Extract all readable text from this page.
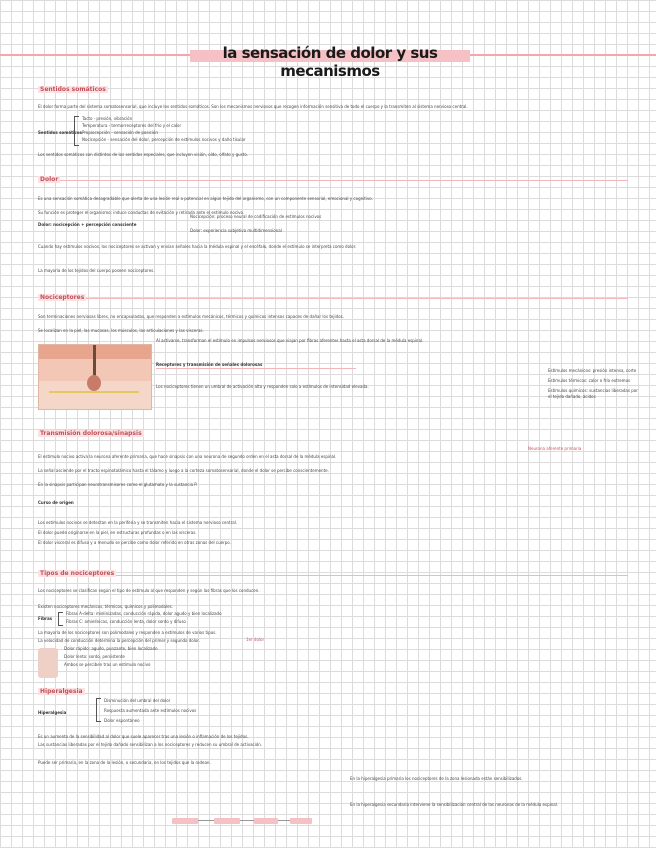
la sensación de dolor y sus mecanismos
Sentidos somáticos
El dolor forma parte del sistema somatosensorial, que incluye los sentidos somáticos. Son los mecanismos nerviosos que recogen información sensitiva de todo el cuerpo y la transmiten al sistema nervioso central.
Sentidos somáticos
Tacto - presión, vibración
Temperatura - termorreceptores del frío y el calor
Propiocepción - sensación de posición
Nocicepción - sensación del dolor, percepción de estímulos nocivos y daño tisular
Los sentidos somáticos son distintos de los sentidos especiales, que incluyen visión, oído, olfato y gusto.
Dolor
Es una sensación somática desagradable que alerta de una lesión real o potencial en algún tejido del organismo, con un componente sensorial, emocional y cognitivo.
Su función es proteger el organismo: induce conductas de evitación y retirada ante el estímulo nocivo.
Dolor: nocicepción + percepción consciente
Nocicepción: proceso neural de codificación de estímulos nocivos
Dolor: experiencia subjetiva multidimensional
Cuando hay estímulos nocivos, los nociceptores se activan y envían señales hacia la médula espinal y el encéfalo, donde el estímulo se interpreta como dolor.
La mayoría de los tejidos del cuerpo poseen nociceptores.
Nociceptores
Son terminaciones nerviosas libres, no encapsuladas, que responden a estímulos mecánicos, térmicos y químicos intensos capaces de dañar los tejidos.
Se localizan en la piel, las mucosas, los músculos, las articulaciones y las vísceras.
Al activarse, transforman el estímulo en impulsos nerviosos que viajan por fibras aferentes hasta el asta dorsal de la médula espinal.
Receptores y transmisión de señales dolorosas
Los nociceptores tienen un umbral de activación alto y responden solo a estímulos de intensidad elevada.
Estímulos mecánicos: presión intensa, corte
Estímulos térmicos: calor o frío extremos
Estímulos químicos: sustancias liberadas por el tejido dañado, ácidos
Transmisión dolorosa/sinapsis
Neurona aferente primaria
El estímulo nocivo activa la neurona aferente primaria, que hace sinapsis con una neurona de segundo orden en el asta dorsal de la médula espinal.
La señal asciende por el tracto espinotalámico hasta el tálamo y luego a la corteza somatosensorial, donde el dolor se percibe conscientemente.
En la sinapsis participan neurotransmisores como el glutamato y la sustancia P.
Curso de origen
Los estímulos nocivos se detectan en la periferia y se transmiten hacia el sistema nervioso central.
El dolor puede originarse en la piel, en estructuras profundas o en las vísceras.
El dolor visceral es difuso y a menudo se percibe como dolor referido en otras zonas del cuerpo.
Tipos de nociceptores
Los nociceptores se clasifican según el tipo de estímulo al que responden y según las fibras que los conducen.
Existen nociceptores mecánicos, térmicos, químicos y polimodales.
Fibras
Fibras A-delta: mielinizadas, conducción rápida, dolor agudo y bien localizado
Fibras C: amielínicas, conducción lenta, dolor sordo y difuso
La mayoría de los nociceptores son polimodales y responden a estímulos de varios tipos.
La velocidad de conducción determina la percepción del primer y segundo dolor.	1er dolor
Dolor rápido: agudo, punzante, bien localizado
Dolor lento: sordo, persistente
Ambos se perciben tras un estímulo nocivo
Hiperalgesia
Hiperalgesia
Disminución del umbral del dolor
Respuesta aumentada ante estímulos nocivos
Dolor espontáneo
Es un aumento de la sensibilidad al dolor que suele aparecer tras una lesión o inflamación de los tejidos.
Las sustancias liberadas por el tejido dañado sensibilizan a los nociceptores y reducen su umbral de activación.
Puede ser primaria, en la zona de la lesión, o secundaria, en los tejidos que la rodean.
En la hiperalgesia primaria los nociceptores de la zona lesionada están sensibilizados.
En la hiperalgesia secundaria interviene la sensibilización central de las neuronas de la médula espinal.
